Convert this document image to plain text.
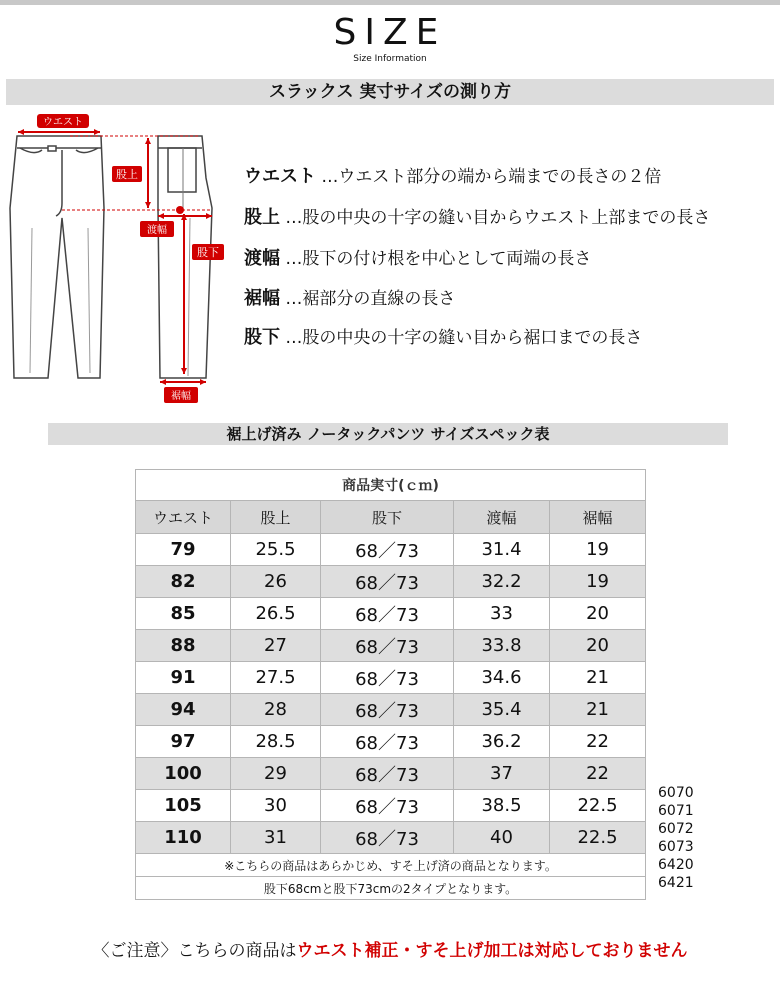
SIZE
Size Information
スラックス 実寸サイズの測り方
ウエスト
股上
渡幅
股下
裾幅
ウエスト …ウエスト部分の端から端までの長さの２倍
股上 …股の中央の十字の縫い目からウエスト上部までの長さ
渡幅 …股下の付け根を中心として両端の長さ
裾幅 …裾部分の直線の長さ
股下 …股の中央の十字の縫い目から裾口までの長さ
裾上げ済み ノータックパンツ サイズスペック表
商品実寸(ｃｍ)				
ウエスト	股上	股下	渡幅	裾幅
79	25.5	68／73	31.4	19
82	26	68／73	32.2	19
85	26.5	68／73	33	20
88	27	68／73	33.8	20
91	27.5	68／73	34.6	21
94	28	68／73	35.4	21
97	28.5	68／73	36.2	22
100	29	68／73	37	22
105	30	68／73	38.5	22.5
110	31	68／73	40	22.5
※こちらの商品はあらかじめ、すそ上げ済の商品となります。				
股下68cmと股下73cmの2タイプとなります。				
6070
6071
6072
6073
6420
6421
〈ご注意〉こちらの商品はウエスト補正・すそ上げ加工は対応しておりません
